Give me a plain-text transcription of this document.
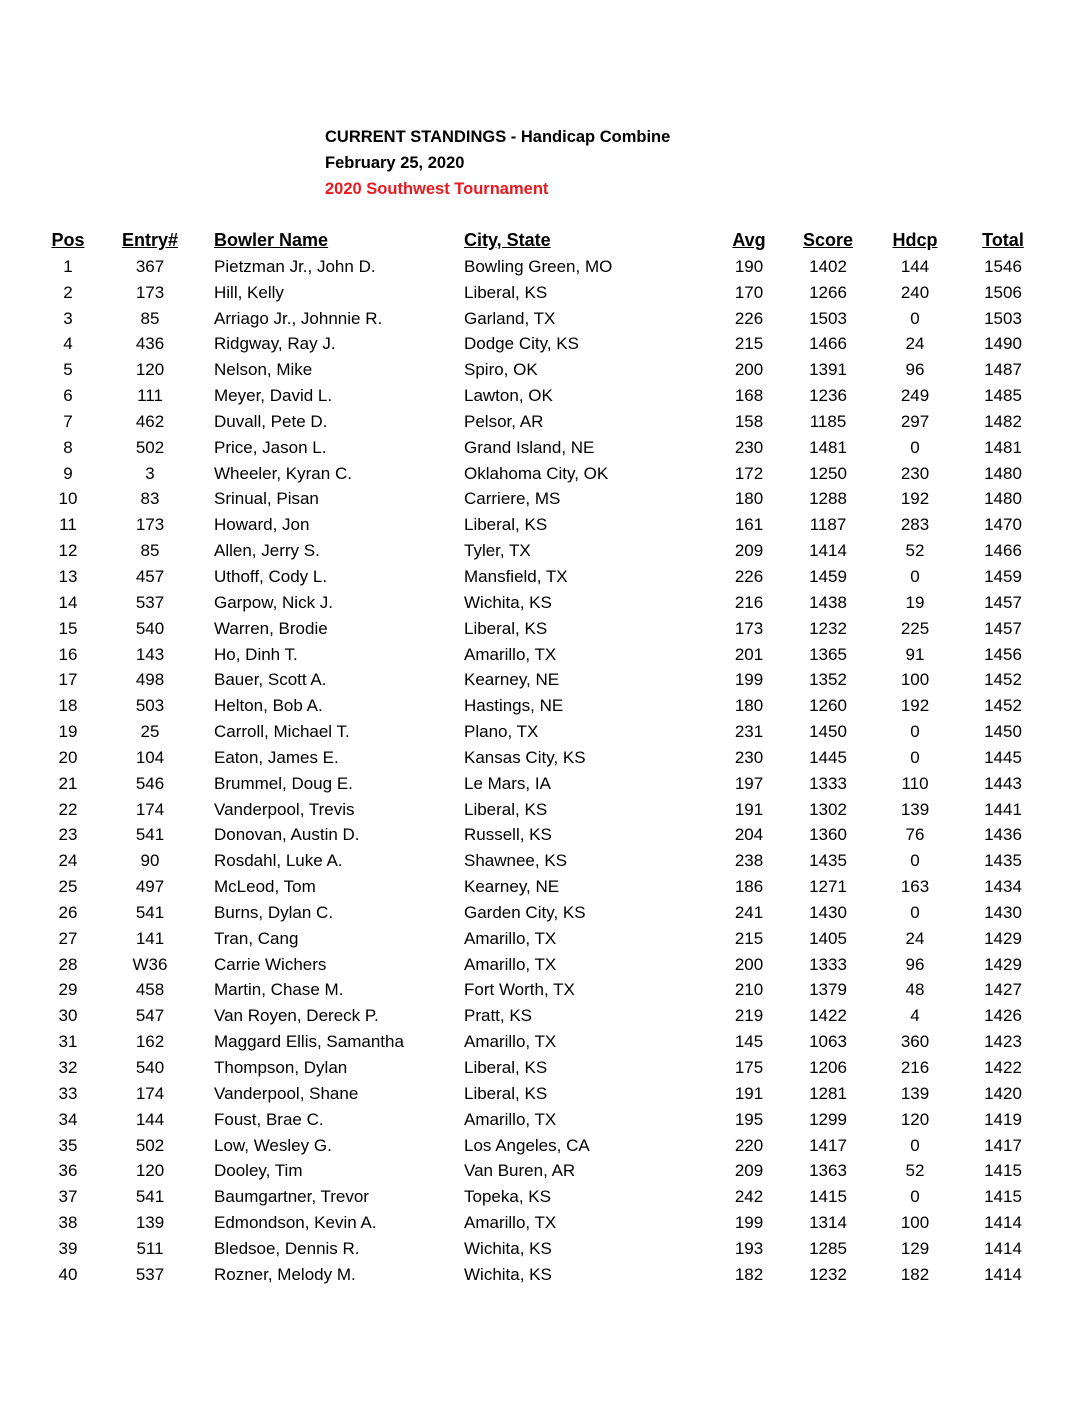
CURRENT STANDINGS - Handicap Combine
February 25, 2020
2020 Southwest Tournament
	Pos	Entry#	Bowler Name	City, State	Avg	Score	Hdcp	Total	
	1	367	Pietzman Jr., John D.	Bowling Green, MO	190	1402	144	1546	
	2	173	Hill, Kelly	Liberal, KS	170	1266	240	1506	
	3	85	Arriago Jr., Johnnie R.	Garland, TX	226	1503	0	1503	
	4	436	Ridgway, Ray J.	Dodge City, KS	215	1466	24	1490	
	5	120	Nelson, Mike	Spiro, OK	200	1391	96	1487	
	6	111	Meyer, David L.	Lawton, OK	168	1236	249	1485	
	7	462	Duvall, Pete D.	Pelsor, AR	158	1185	297	1482	
	8	502	Price, Jason L.	Grand Island, NE	230	1481	0	1481	
	9	3	Wheeler, Kyran C.	Oklahoma City, OK	172	1250	230	1480	
	10	83	Srinual, Pisan	Carriere, MS	180	1288	192	1480	
	11	173	Howard, Jon	Liberal, KS	161	1187	283	1470	
	12	85	Allen, Jerry S.	Tyler, TX	209	1414	52	1466	
	13	457	Uthoff, Cody L.	Mansfield, TX	226	1459	0	1459	
	14	537	Garpow, Nick J.	Wichita, KS	216	1438	19	1457	
	15	540	Warren, Brodie	Liberal, KS	173	1232	225	1457	
	16	143	Ho, Dinh T.	Amarillo, TX	201	1365	91	1456	
	17	498	Bauer, Scott A.	Kearney, NE	199	1352	100	1452	
	18	503	Helton, Bob A.	Hastings, NE	180	1260	192	1452	
	19	25	Carroll, Michael T.	Plano, TX	231	1450	0	1450	
	20	104	Eaton, James E.	Kansas City, KS	230	1445	0	1445	
	21	546	Brummel, Doug E.	Le Mars, IA	197	1333	110	1443	
	22	174	Vanderpool, Trevis	Liberal, KS	191	1302	139	1441	
	23	541	Donovan, Austin D.	Russell, KS	204	1360	76	1436	
	24	90	Rosdahl, Luke A.	Shawnee, KS	238	1435	0	1435	
	25	497	McLeod, Tom	Kearney, NE	186	1271	163	1434	
	26	541	Burns, Dylan C.	Garden City, KS	241	1430	0	1430	
	27	141	Tran, Cang	Amarillo, TX	215	1405	24	1429	
	28	W36	Carrie Wichers	Amarillo, TX	200	1333	96	1429	
	29	458	Martin, Chase M.	Fort Worth, TX	210	1379	48	1427	
	30	547	Van Royen, Dereck P.	Pratt, KS	219	1422	4	1426	
	31	162	Maggard Ellis, Samantha	Amarillo, TX	145	1063	360	1423	
	32	540	Thompson, Dylan	Liberal, KS	175	1206	216	1422	
	33	174	Vanderpool, Shane	Liberal, KS	191	1281	139	1420	
	34	144	Foust, Brae C.	Amarillo, TX	195	1299	120	1419	
	35	502	Low, Wesley G.	Los Angeles, CA	220	1417	0	1417	
	36	120	Dooley, Tim	Van Buren, AR	209	1363	52	1415	
	37	541	Baumgartner, Trevor	Topeka, KS	242	1415	0	1415	
	38	139	Edmondson, Kevin A.	Amarillo, TX	199	1314	100	1414	
	39	511	Bledsoe, Dennis R.	Wichita, KS	193	1285	129	1414	
	40	537	Rozner, Melody M.	Wichita, KS	182	1232	182	1414	
